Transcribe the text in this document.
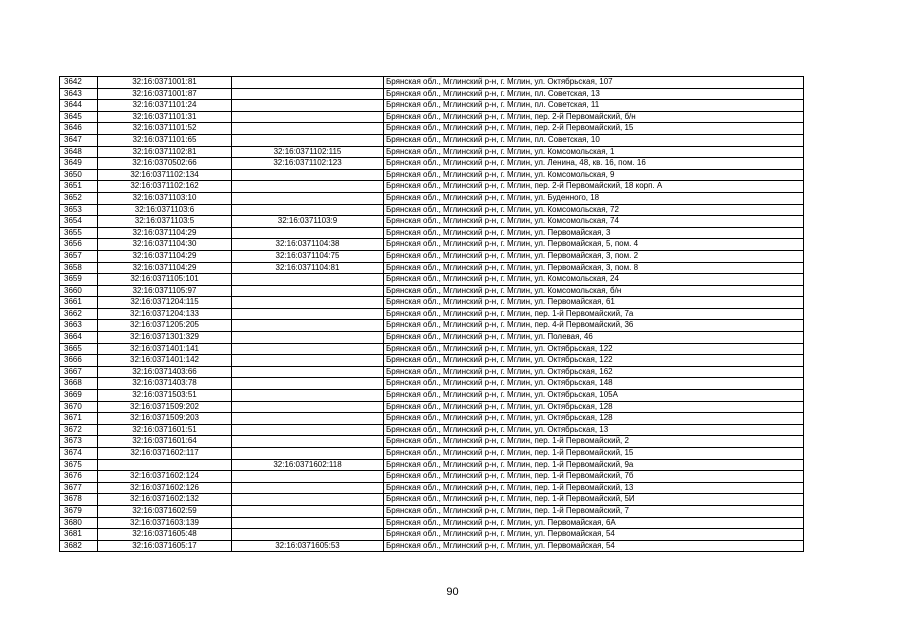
3642	32:16:0371001:81		Брянская обл., Мглинский р-н, г. Мглин, ул. Октябрьская, 107
3643	32:16:0371001:87		Брянская обл., Мглинский р-н, г. Мглин, пл. Советская, 13
3644	32:16:0371101:24		Брянская обл., Мглинский р-н, г. Мглин, пл. Советская, 11
3645	32:16:0371101:31		Брянская обл., Мглинский р-н, г. Мглин, пер. 2-й Первомайский, б/н
3646	32:16:0371101:52		Брянская обл., Мглинский р-н, г. Мглин, пер. 2-й Первомайский, 15
3647	32:16:0371101:65		Брянская обл., Мглинский р-н, г. Мглин, пл. Советская, 10
3648	32:16:0371102:81	32:16:0371102:115	Брянская обл., Мглинский р-н, г. Мглин, ул. Комсомольская, 1
3649	32:16:0370502:66	32:16:0371102:123	Брянская обл., Мглинский р-н, г. Мглин, ул. Ленина, 48, кв. 16, пом. 16
3650	32:16:0371102:134		Брянская обл., Мглинский р-н, г. Мглин, ул. Комсомольская, 9
3651	32:16:0371102:162		Брянская обл., Мглинский р-н, г. Мглин, пер. 2-й Первомайский, 18 корп. А
3652	32:16:0371103:10		Брянская обл., Мглинский р-н, г. Мглин, ул. Буденного, 18
3653	32:16:0371103:6		Брянская обл., Мглинский р-н, г. Мглин, ул. Комсомольская, 72
3654	32:16:0371103:5	32:16:0371103:9	Брянская обл., Мглинский р-н, г. Мглин, ул. Комсомольская, 74
3655	32:16:0371104:29		Брянская обл., Мглинский р-н, г. Мглин, ул. Первомайская, 3
3656	32:16:0371104:30	32:16:0371104:38	Брянская обл., Мглинский р-н, г. Мглин, ул. Первомайская, 5, пом. 4
3657	32:16:0371104:29	32:16:0371104:75	Брянская обл., Мглинский р-н, г. Мглин, ул. Первомайская, 3, пом. 2
3658	32:16:0371104:29	32:16:0371104:81	Брянская обл., Мглинский р-н, г. Мглин, ул. Первомайская, 3, пом. 8
3659	32:16:0371105:101		Брянская обл., Мглинский р-н, г. Мглин, ул. Комсомольская, 24
3660	32:16:0371105:97		Брянская обл., Мглинский р-н, г. Мглин, ул. Комсомольская, б/н
3661	32:16:0371204:115		Брянская обл., Мглинский р-н, г. Мглин, ул. Первомайская, 61
3662	32:16:0371204:133		Брянская обл., Мглинский р-н, г. Мглин, пер. 1-й Первомайский, 7а
3663	32:16:0371205:205		Брянская обл., Мглинский р-н, г. Мглин, пер. 4-й Первомайский, 36
3664	32:16:0371301:329		Брянская обл., Мглинский р-н, г. Мглин, ул. Полевая, 46
3665	32:16:0371401:141		Брянская обл., Мглинский р-н, г. Мглин, ул. Октябрьская, 122
3666	32:16:0371401:142		Брянская обл., Мглинский р-н, г. Мглин, ул. Октябрьская, 122
3667	32:16:0371403:66		Брянская обл., Мглинский р-н, г. Мглин, ул. Октябрьская, 162
3668	32:16:0371403:78		Брянская обл., Мглинский р-н, г. Мглин, ул. Октябрьская, 148
3669	32:16:0371503:51		Брянская обл., Мглинский р-н, г. Мглин, ул. Октябрьская, 105А
3670	32:16:0371509:202		Брянская обл., Мглинский р-н, г. Мглин, ул. Октябрьская, 128
3671	32:16:0371509:203		Брянская обл., Мглинский р-н, г. Мглин, ул. Октябрьская, 128
3672	32:16:0371601:51		Брянская обл., Мглинский р-н, г. Мглин, ул. Октябрьская, 13
3673	32:16:0371601:64		Брянская обл., Мглинский р-н, г. Мглин, пер. 1-й Первомайский, 2
3674	32:16:0371602:117		Брянская обл., Мглинский р-н, г. Мглин, пер. 1-й Первомайский, 15
3675		32:16:0371602:118	Брянская обл., Мглинский р-н, г. Мглин, пер. 1-й Первомайский, 9а
3676	32:16:0371602:124		Брянская обл., Мглинский р-н, г. Мглин, пер. 1-й Первомайский, 7б
3677	32:16:0371602:126		Брянская обл., Мглинский р-н, г. Мглин, пер. 1-й Первомайский, 13
3678	32:16:0371602:132		Брянская обл., Мглинский р-н, г. Мглин, пер. 1-й Первомайский, 5И
3679	32:16:0371602:59		Брянская обл., Мглинский р-н, г. Мглин, пер. 1-й Первомайский, 7
3680	32:16:0371603:139		Брянская обл., Мглинский р-н, г. Мглин, ул. Первомайская, 6А
3681	32:16:0371605:48		Брянская обл., Мглинский р-н, г. Мглин, ул. Первомайская, 54
3682	32:16:0371605:17	32:16:0371605:53	Брянская обл., Мглинский р-н, г. Мглин, ул. Первомайская, 54
90
